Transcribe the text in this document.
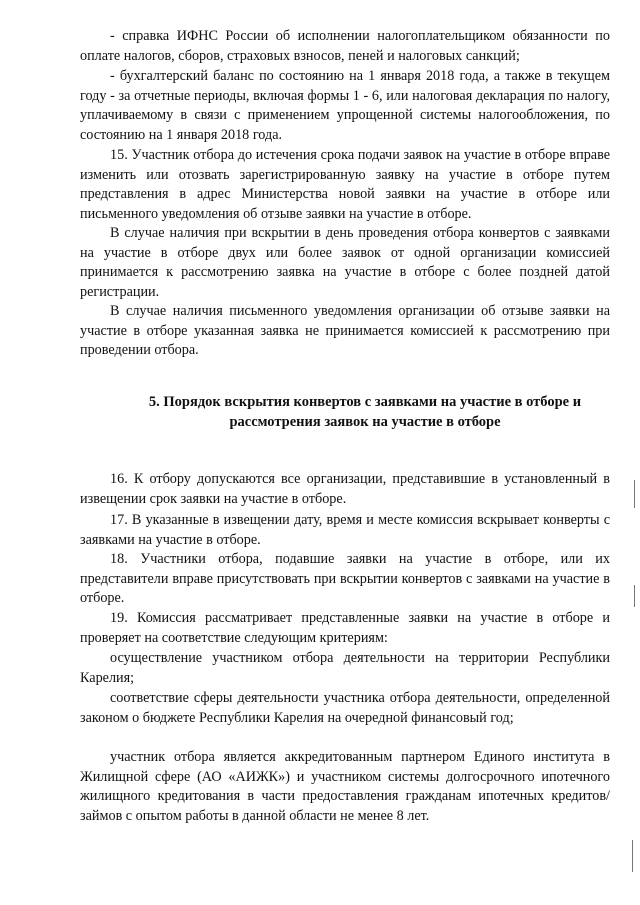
- справка ИФНС России об исполнении налогоплательщиком обязанности по оплате налогов, сборов, страховых взносов, пеней и налоговых санкций;

- бухгалтерский баланс по состоянию на 1 января 2018 года, а также в текущем году - за отчетные периоды, включая формы 1 - 6, или налоговая декларация по налогу, уплачиваемому в связи с применением упрощенной системы налогообложения, по состоянию на 1 января 2018 года.

15. Участник отбора до истечения срока подачи заявок на участие в отборе вправе изменить или отозвать зарегистрированную заявку на участие в отборе путем представления в адрес Министерства новой заявки на участие в отборе или письменного уведомления об отзыве заявки на участие в отборе.

В случае наличия при вскрытии в день проведения отбора конвертов с заявками на участие в отборе двух или более заявок от одной организации комиссией принимается к рассмотрению заявка на участие в отборе с более поздней датой регистрации.

В случае наличия письменного уведомления организации об отзыве заявки на участие в отборе указанная заявка не принимается комиссией к рассмотрению при проведении отбора.

5. Порядок вскрытия конвертов с заявками на участие в отборе и рассмотрения заявок на участие в отборе

16. К отбору допускаются все организации, представившие в установленный в извещении срок заявки на участие в отборе.

17. В указанные в извещении дату, время и месте комиссия вскрывает конверты с заявками на участие в отборе.

18. Участники отбора, подавшие заявки на участие в отборе, или их представители вправе присутствовать при вскрытии конвертов с заявками на участие в отборе.

19. Комиссия рассматривает представленные заявки на участие в отборе и проверяет на соответствие следующим критериям:

осуществление участником отбора деятельности на территории Республики Карелия;

соответствие сферы деятельности участника отбора деятельности, определенной законом о бюджете Республики Карелия на очередной финансовый год;

участник отбора является аккредитованным партнером Единого института в Жилищной сфере (АО «АИЖК») и участником системы долгосрочного ипотечного жилищного кредитования в части предоставления гражданам ипотечных кредитов/займов с опытом работы в данной области не менее 8 лет.
